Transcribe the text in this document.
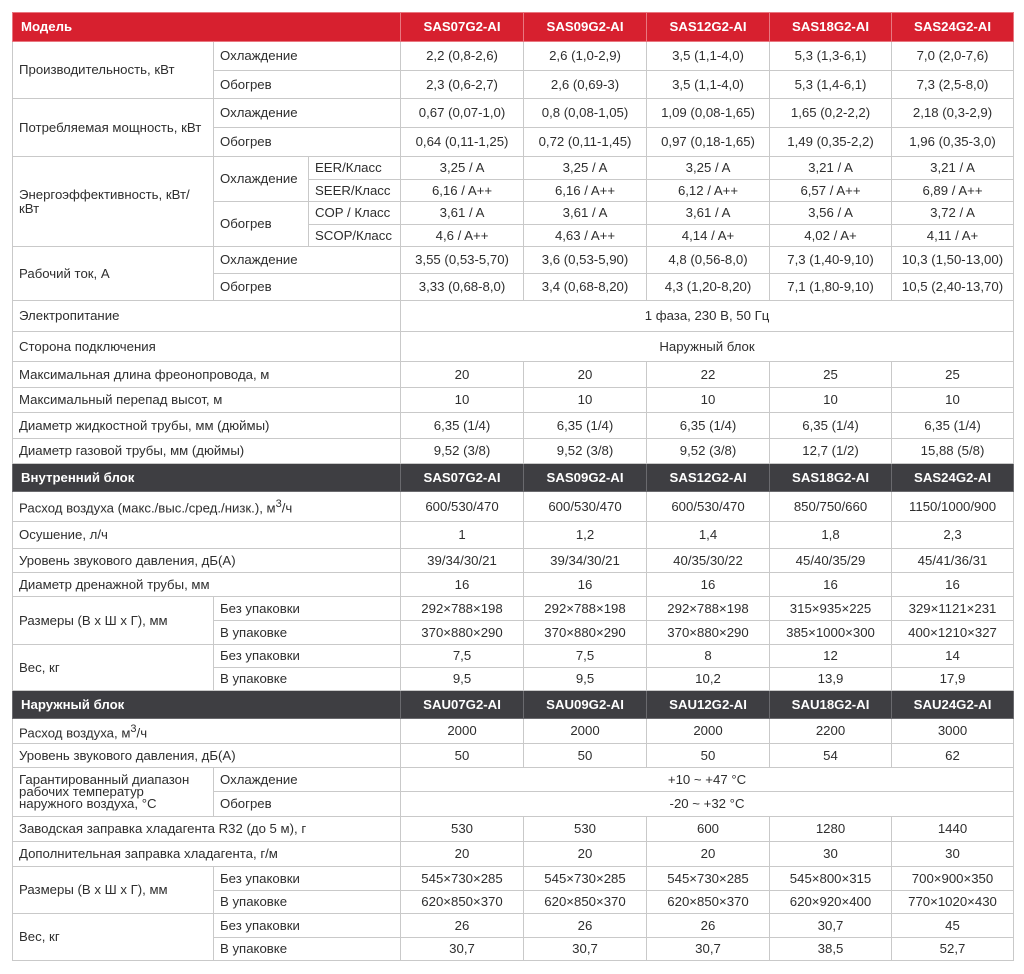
Модель			SAS07G2-AI	SAS09G2-AI	SAS12G2-AI	SAS18G2-AI	SAS24G2-AI
Производительность, кВт	Охлаждение		2,2 (0,8-2,6)	2,6 (1,0-2,9)	3,5 (1,1-4,0)	5,3 (1,3-6,1)	7,0 (2,0-7,6)
	Обогрев		2,3 (0,6-2,7)	2,6 (0,69-3)	3,5 (1,1-4,0)	5,3 (1,4-6,1)	7,3 (2,5-8,0)
Потребляемая мощность, кВт	Охлаждение		0,67 (0,07-1,0)	0,8 (0,08-1,05)	1,09 (0,08-1,65)	1,65 (0,2-2,2)	2,18 (0,3-2,9)
	Обогрев		0,64 (0,11-1,25)	0,72 (0,11-1,45)	0,97 (0,18-1,65)	1,49 (0,35-2,2)	1,96 (0,35-3,0)
Энергоэффективность, кВт/кВт	Охлаждение	EER/Класс	3,25 / A	3,25 / A	3,25 / A	3,21 / A	3,21 / A
		SEER/Класс	6,16 / A++	6,16 / A++	6,12 / A++	6,57 / A++	6,89 / A++
	Обогрев	COP / Класс	3,61 / A	3,61 / A	3,61 / A	3,56 / A	3,72 / A
		SCOP/Класс	4,6 / A++	4,63 / A++	4,14 / A+	4,02 / A+	4,11 / A+
Рабочий ток, А	Охлаждение		3,55 (0,53-5,70)	3,6 (0,53-5,90)	4,8 (0,56-8,0)	7,3 (1,40-9,10)	10,3 (1,50-13,00)
	Обогрев		3,33 (0,68-8,0)	3,4 (0,68-8,20)	4,3 (1,20-8,20)	7,1 (1,80-9,10)	10,5 (2,40-13,70)
Электропитание			1 фаза, 230 В, 50 Гц				
Сторона подключения			Наружный блок				
Максимальная длина фреонопровода, м			20	20	22	25	25
Максимальный перепад высот, м			10	10	10	10	10
Диаметр жидкостной трубы, мм (дюймы)			6,35 (1/4)	6,35 (1/4)	6,35 (1/4)	6,35 (1/4)	6,35 (1/4)
Диаметр газовой трубы, мм (дюймы)			9,52 (3/8)	9,52 (3/8)	9,52 (3/8)	12,7 (1/2)	15,88 (5/8)
Внутренний блок			SAS07G2-AI	SAS09G2-AI	SAS12G2-AI	SAS18G2-AI	SAS24G2-AI
Расход воздуха (макс./выс./сред./низк.), $м^3/ч$			600/530/470	600/530/470	600/530/470	850/750/660	1150/1000/900
Осушение, л/ч			1	1,2	1,4	1,8	2,3
Уровень звукового давления, дБ(А)			39/34/30/21	39/34/30/21	40/35/30/22	45/40/35/29	45/41/36/31
Диаметр дренажной трубы, мм			16	16	16	16	16
Размеры (В х Ш х Г), мм	Без упаковки		292×788×198	292×788×198	292×788×198	315×935×225	329×1121×231
	В упаковке		370×880×290	370×880×290	370×880×290	385×1000×300	400×1210×327
Вес, кг	Без упаковки		7,5	7,5	8	12	14
	В упаковке		9,5	9,5	10,2	13,9	17,9
Наружный блок			SAU07G2-AI	SAU09G2-AI	SAU12G2-AI	SAU18G2-AI	SAU24G2-AI
Расход воздуха, $м^3/ч$			2000	2000	2000	2200	3000
Уровень звукового давления, дБ(А)			50	50	50	54	62
Гарантированный диапазон рабочих температур наружного воздуха, °С	Охлаждение		+10 ~ +47 °C				
	Обогрев		-20 ~ +32 °C				
Заводская заправка хладагента R32 (до 5 м), г			530	530	600	1280	1440
Дополнительная заправка хладагента, г/м			20	20	20	30	30
Размеры (В х Ш х Г), мм	Без упаковки		545×730×285	545×730×285	545×730×285	545×800×315	700×900×350
	В упаковке		620×850×370	620×850×370	620×850×370	620×920×400	770×1020×430
Вес, кг	Без упаковки		26	26	26	30,7	45
	В упаковке		30,7	30,7	30,7	38,5	52,7
